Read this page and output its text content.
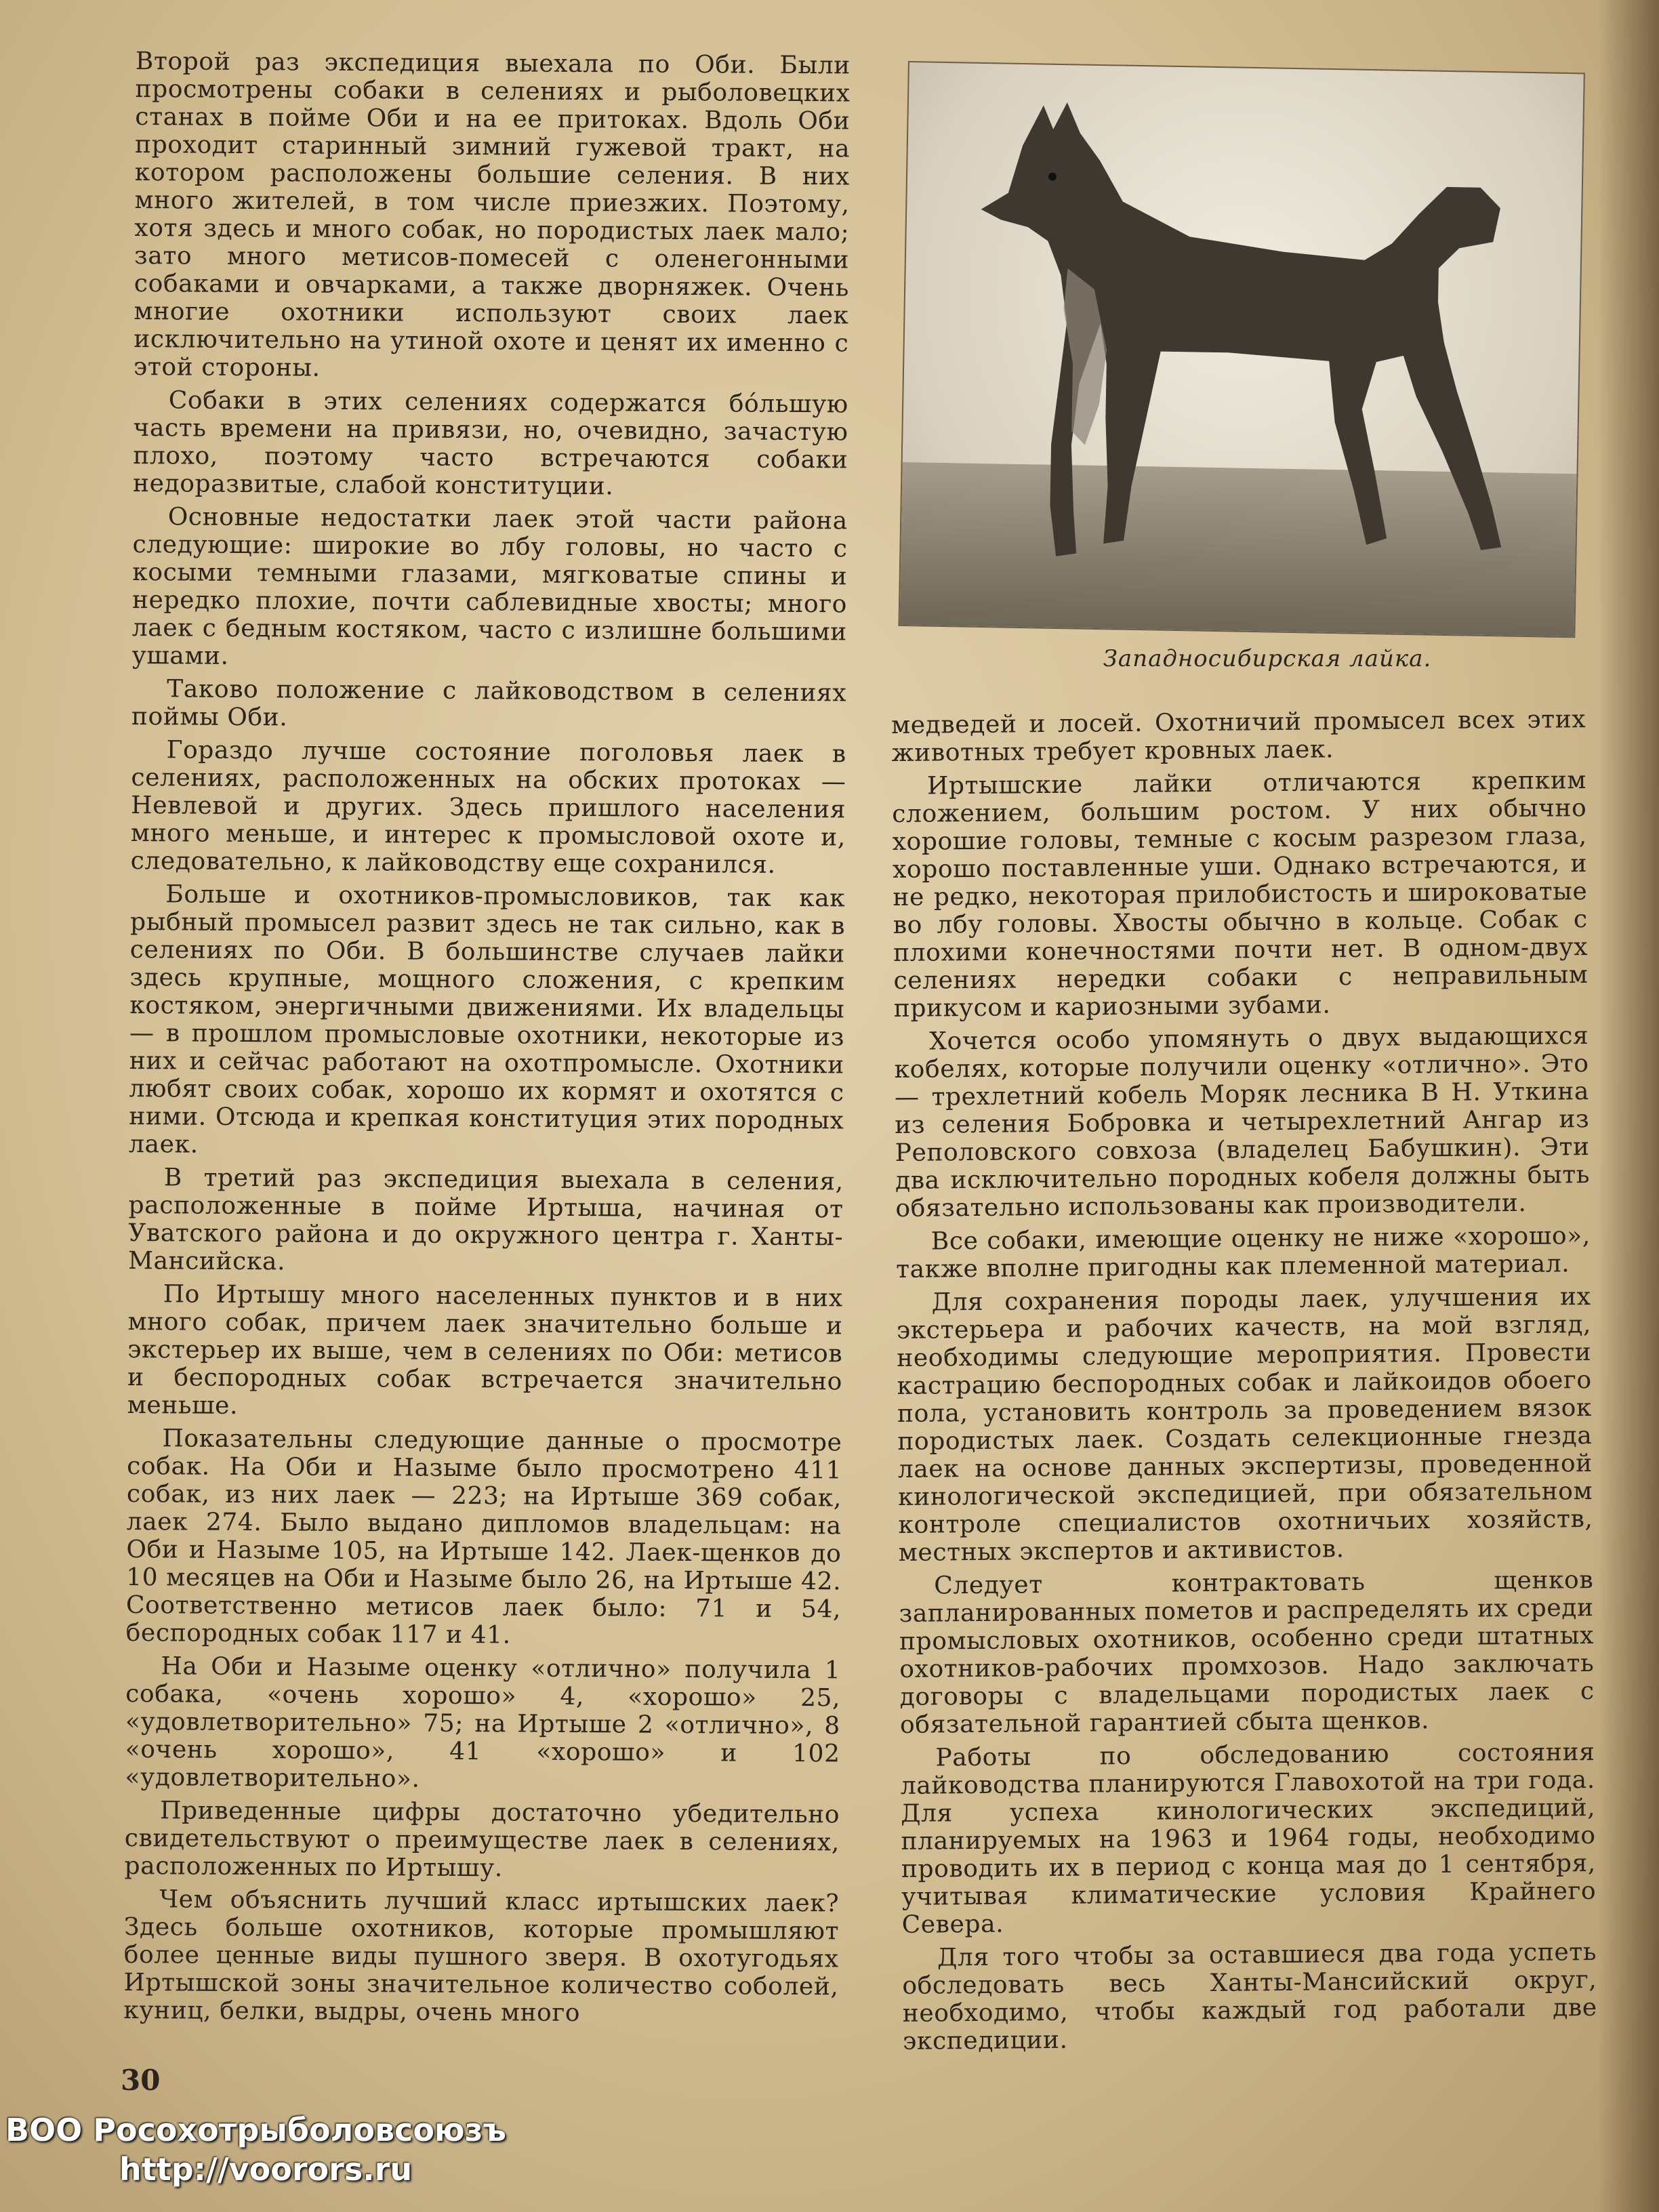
Второй раз экспедиция выехала по Оби. Были просмотрены собаки в селениях и рыболовецких станах в пойме Оби и на ее притоках. Вдоль Оби проходит старинный зимний гужевой тракт, на котором расположены большие селения. В них много жителей, в том числе приезжих. Поэтому, хотя здесь и много собак, но породистых лаек мало; зато много метисов-помесей с оленегонными собаками и овчарками, а также дворняжек. Очень многие охотники используют своих лаек исключительно на утиной охоте и ценят их именно с этой стороны.

Собаки в этих селениях содержатся бóльшую часть времени на привязи, но, очевидно, зачастую плохо, поэтому часто встречаются собаки недоразвитые, слабой конституции.

Основные недостатки лаек этой части района следующие: широкие во лбу головы, но часто с косыми темными глазами, мягковатые спины и нередко плохие, почти саблевидные хвосты; много лаек с бедным костяком, часто с излишне большими ушами.

Таково положение с лайководством в селениях поймы Оби.

Гораздо лучше состояние поголовья лаек в селениях, расположенных на обских протоках — Невлевой и других. Здесь пришлого населения много меньше, и интерес к промысловой охоте и, следовательно, к лайководству еще сохранился.

Больше и охотников-промысловиков, так как рыбный промысел развит здесь не так сильно, как в селениях по Оби. В большинстве случаев лайки здесь крупные, мощного сложения, с крепким костяком, энергичными движениями. Их владельцы — в прошлом промысловые охотники, некоторые из них и сейчас работают на охотпромысле. Охотники любят своих собак, хорошо их кормят и охотятся с ними. Отсюда и крепкая конституция этих породных лаек.

В третий раз экспедиция выехала в селения, расположенные в пойме Иртыша, начиная от Уватского района и до окружного центра г. Ханты-Мансийска.

По Иртышу много населенных пунктов и в них много собак, причем лаек значительно больше и экстерьер их выше, чем в селениях по Оби: метисов и беспородных собак встречается значительно меньше.

Показательны следующие данные о просмотре собак. На Оби и Назыме было просмотрено 411 собак, из них лаек — 223; на Иртыше 369 собак, лаек 274. Было выдано дипломов владельцам: на Оби и Назыме 105, на Иртыше 142. Лаек-щенков до 10 месяцев на Оби и Назыме было 26, на Иртыше 42. Соответственно метисов лаек было: 71 и 54, беспородных собак 117 и 41.

На Оби и Назыме оценку «отлично» получила 1 собака, «очень хорошо» 4, «хорошо» 25, «удовлетворительно» 75; на Иртыше 2 «отлично», 8 «очень хорошо», 41 «хорошо» и 102 «удовлетворительно».

Приведенные цифры достаточно убедительно свидетельствуют о преимуществе лаек в селениях, расположенных по Иртышу.

Чем объяснить лучший класс иртышских лаек? Здесь больше охотников, которые промышляют более ценные виды пушного зверя. В охотугодьях Иртышской зоны значительное количество соболей, куниц, белки, выдры, очень много

Западносибирская лайка.

медведей и лосей. Охотничий промысел всех этих животных требует кровных лаек.

Иртышские лайки отличаются крепким сложением, большим ростом. У них обычно хорошие головы, темные с косым разрезом глаза, хорошо поставленные уши. Однако встречаются, и не редко, некоторая прилобистость и широковатые во лбу головы. Хвосты обычно в кольце. Собак с плохими конечностями почти нет. В одном-двух селениях нередки собаки с неправильным прикусом и кариозными зубами.

Хочется особо упомянуть о двух выдающихся кобелях, которые получили оценку «отлично». Это — трехлетний кобель Моряк лесника В Н. Уткина из селения Бобровка и четырехлетний Ангар из Реполовского совхоза (владелец Бабушкин). Эти два исключительно породных кобеля должны быть обязательно использованы как производители.

Все собаки, имеющие оценку не ниже «хорошо», также вполне пригодны как племенной материал.

Для сохранения породы лаек, улучшения их экстерьера и рабочих качеств, на мой взгляд, необходимы следующие мероприятия. Провести кастрацию беспородных собак и лайкоидов обоего пола, установить контроль за проведением вязок породистых лаек. Создать селекционные гнезда лаек на основе данных экспертизы, проведенной кинологической экспедицией, при обязательном контроле специалистов охотничьих хозяйств, местных экспертов и активистов.

Следует контрактовать щенков запланированных пометов и распределять их среди промысловых охотников, особенно среди штатных охотников-рабочих промхозов. Надо заключать договоры с владельцами породистых лаек с обязательной гарантией сбыта щенков.

Работы по обследованию состояния лайководства планируются Главохотой на три года. Для успеха кинологических экспедиций, планируемых на 1963 и 1964 годы, необходимо проводить их в период с конца мая до 1 сентября, учитывая климатические условия Крайнего Севера.

Для того чтобы за оставшиеся два года успеть обследовать весь Ханты-Мансийский округ, необходимо, чтобы каждый год работали две экспедиции.

30
ВОО Росохотрыболовсоюзъ
http://voorors.ru
